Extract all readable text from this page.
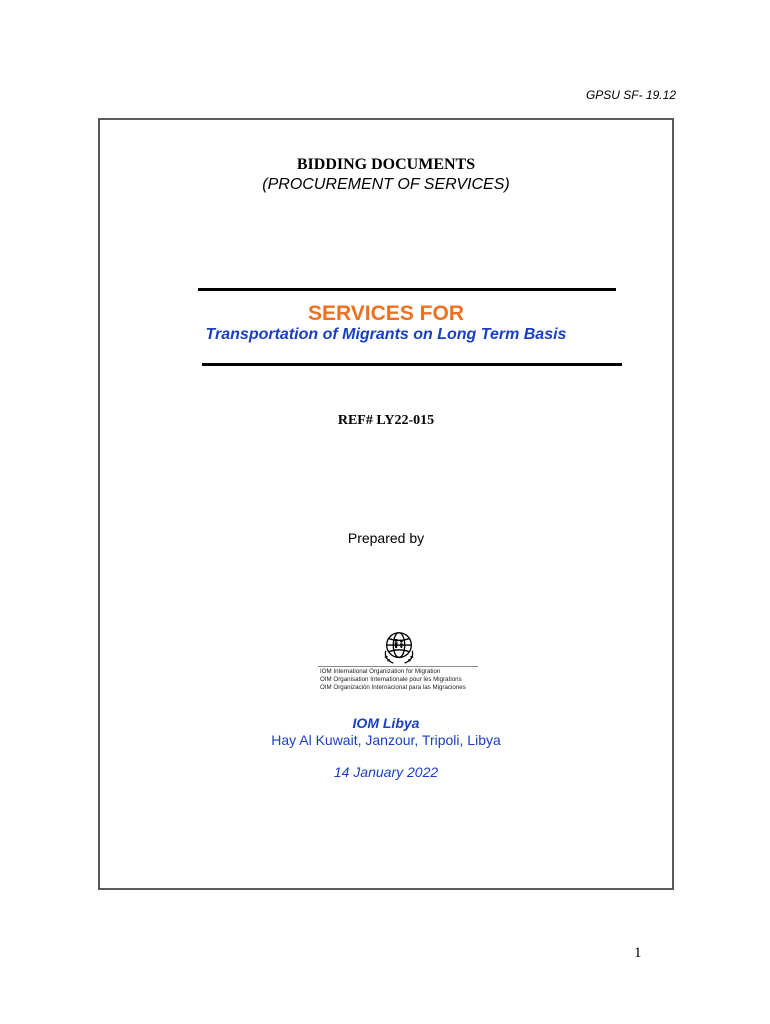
GPSU SF- 19.12
BIDDING DOCUMENTS
(PROCUREMENT OF SERVICES)
SERVICES FOR
Transportation of Migrants on Long Term Basis
REF# LY22-015
Prepared by
IOM International Organization for Migration
OIM Organisation Internationale pour les Migrations
OIM Organización Internacional para las Migraciones
IOM Libya
Hay Al Kuwait, Janzour, Tripoli, Libya
14 January 2022
1
